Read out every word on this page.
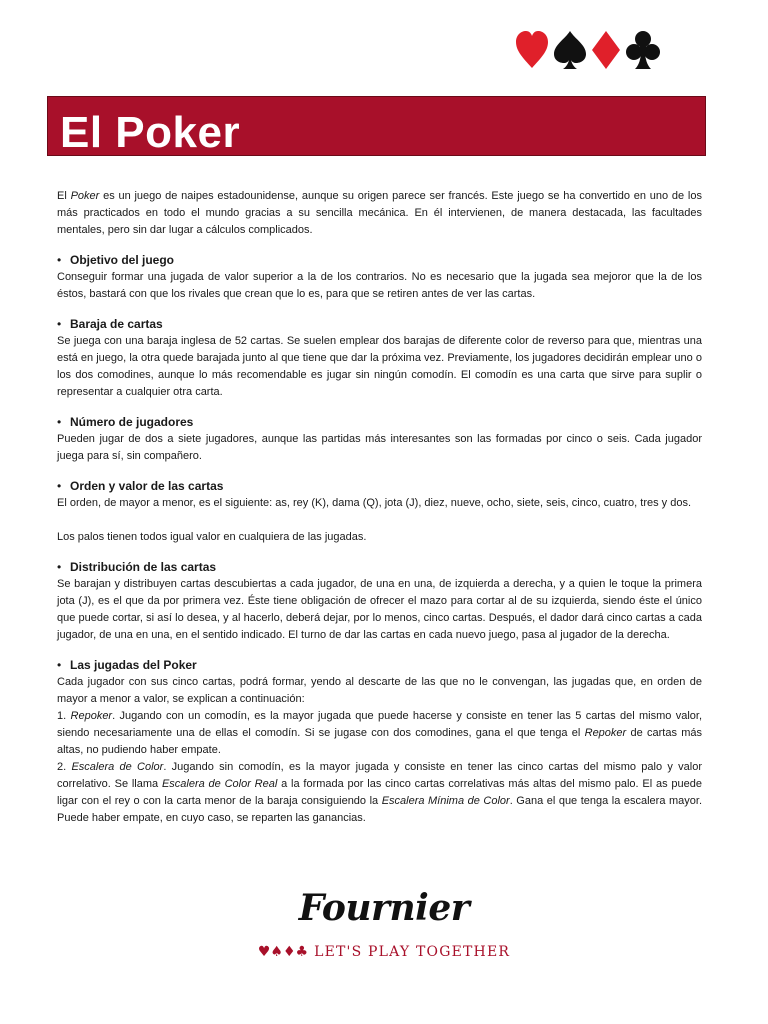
El Poker

El Poker es un juego de naipes estadounidense, aunque su origen parece ser francés. Este juego se ha convertido en uno de los más practicados en todo el mundo gracias a su sencilla mecánica. En él intervienen, de manera destacada, las facultades mentales, pero sin dar lugar a cálculos complicados.

• Objetivo del juego

Conseguir formar una jugada de valor superior a la de los contrarios. No es necesario que la jugada sea mejoror que la de los éstos, bastará con que los rivales que crean que lo es, para que se retiren antes de ver las cartas.

• Baraja de cartas

Se juega con una baraja inglesa de 52 cartas. Se suelen emplear dos barajas de diferente color de reverso para que, mientras una está en juego, la otra quede barajada junto al que tiene que dar la próxima vez. Previamente, los jugadores decidirán emplear uno o los dos comodines, aunque lo más recomendable es jugar sin ningún comodín. El comodín es una carta que sirve para suplir o representar a cualquier otra carta.

• Número de jugadores

Pueden jugar de dos a siete jugadores, aunque las partidas más interesantes son las formadas por cinco o seis. Cada jugador juega para sí, sin compañero.

• Orden y valor de las cartas

El orden, de mayor a menor, es el siguiente: as, rey (K), dama (Q), jota (J), diez, nueve, ocho, siete, seis, cinco, cuatro, tres y dos.

Los palos tienen todos igual valor en cualquiera de las jugadas.

• Distribución de las cartas

Se barajan y distribuyen cartas descubiertas a cada jugador, de una en una, de izquierda a derecha, y a quien le toque la primera jota (J), es el que da por primera vez. Éste tiene obligación de ofrecer el mazo para cortar al de su izquierda, siendo éste el único que puede cortar, si así lo desea, y al hacerlo, deberá dejar, por lo menos, cinco cartas. Después, el dador dará cinco cartas a cada jugador, de una en una, en el sentido indicado. El turno de dar las cartas en cada nuevo juego, pasa al jugador de la derecha.

• Las jugadas del Poker

Cada jugador con sus cinco cartas, podrá formar, yendo al descarte de las que no le convengan, las jugadas que, en orden de mayor a menor a valor, se explican a continuación:

1. Repoker. Jugando con un comodín, es la mayor jugada que puede hacerse y consiste en tener las 5 cartas del mismo valor, siendo necesariamente una de ellas el comodín. Si se jugase con dos comodines, gana el que tenga el Repoker de cartas más altas, no pudiendo haber empate.

2. Escalera de Color. Jugando sin comodín, es la mayor jugada y consiste en tener las cinco cartas del mismo palo y valor correlativo. Se llama Escalera de Color Real a la formada por las cinco cartas correlativas más altas del mismo palo. El as puede ligar con el rey o con la carta menor de la baraja consiguiendo la Escalera Mínima de Color. Gana el que tenga la escalera mayor. Puede haber empate, en cuyo caso, se reparten las ganancias.

Fournier
♥♠♦♣ LET'S PLAY TOGETHER
